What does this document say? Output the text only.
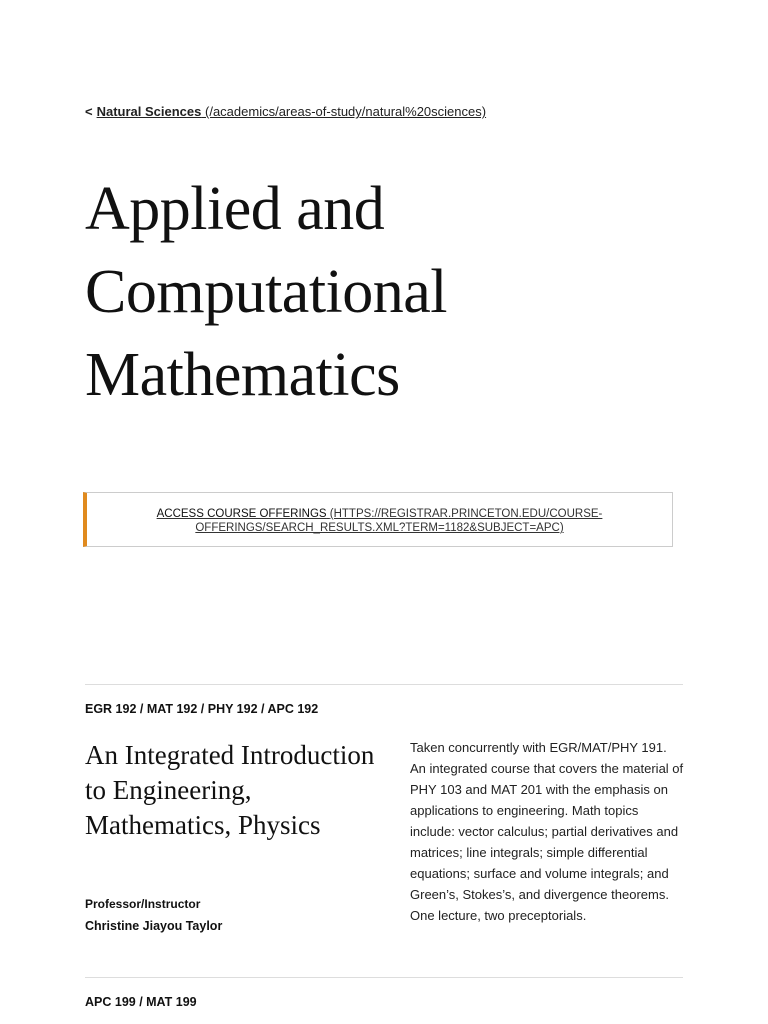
< Natural Sciences (/academics/areas-of-study/natural%20sciences)
Applied and Computational Mathematics
ACCESS COURSE OFFERINGS (HTTPS://REGISTRAR.PRINCETON.EDU/COURSE-OFFERINGS/SEARCH_RESULTS.XML?TERM=1182&SUBJECT=APC)
EGR 192 / MAT 192 / PHY 192 / APC 192
An Integrated Introduction to Engineering, Mathematics, Physics
Professor/Instructor
Christine Jiayou Taylor
Taken concurrently with EGR/MAT/PHY 191. An integrated course that covers the material of PHY 103 and MAT 201 with the emphasis on applications to engineering. Math topics include: vector calculus; partial derivatives and matrices; line integrals; simple differential equations; surface and volume integrals; and Green’s, Stokes’s, and divergence theorems. One lecture, two preceptorials.
APC 199 / MAT 199
